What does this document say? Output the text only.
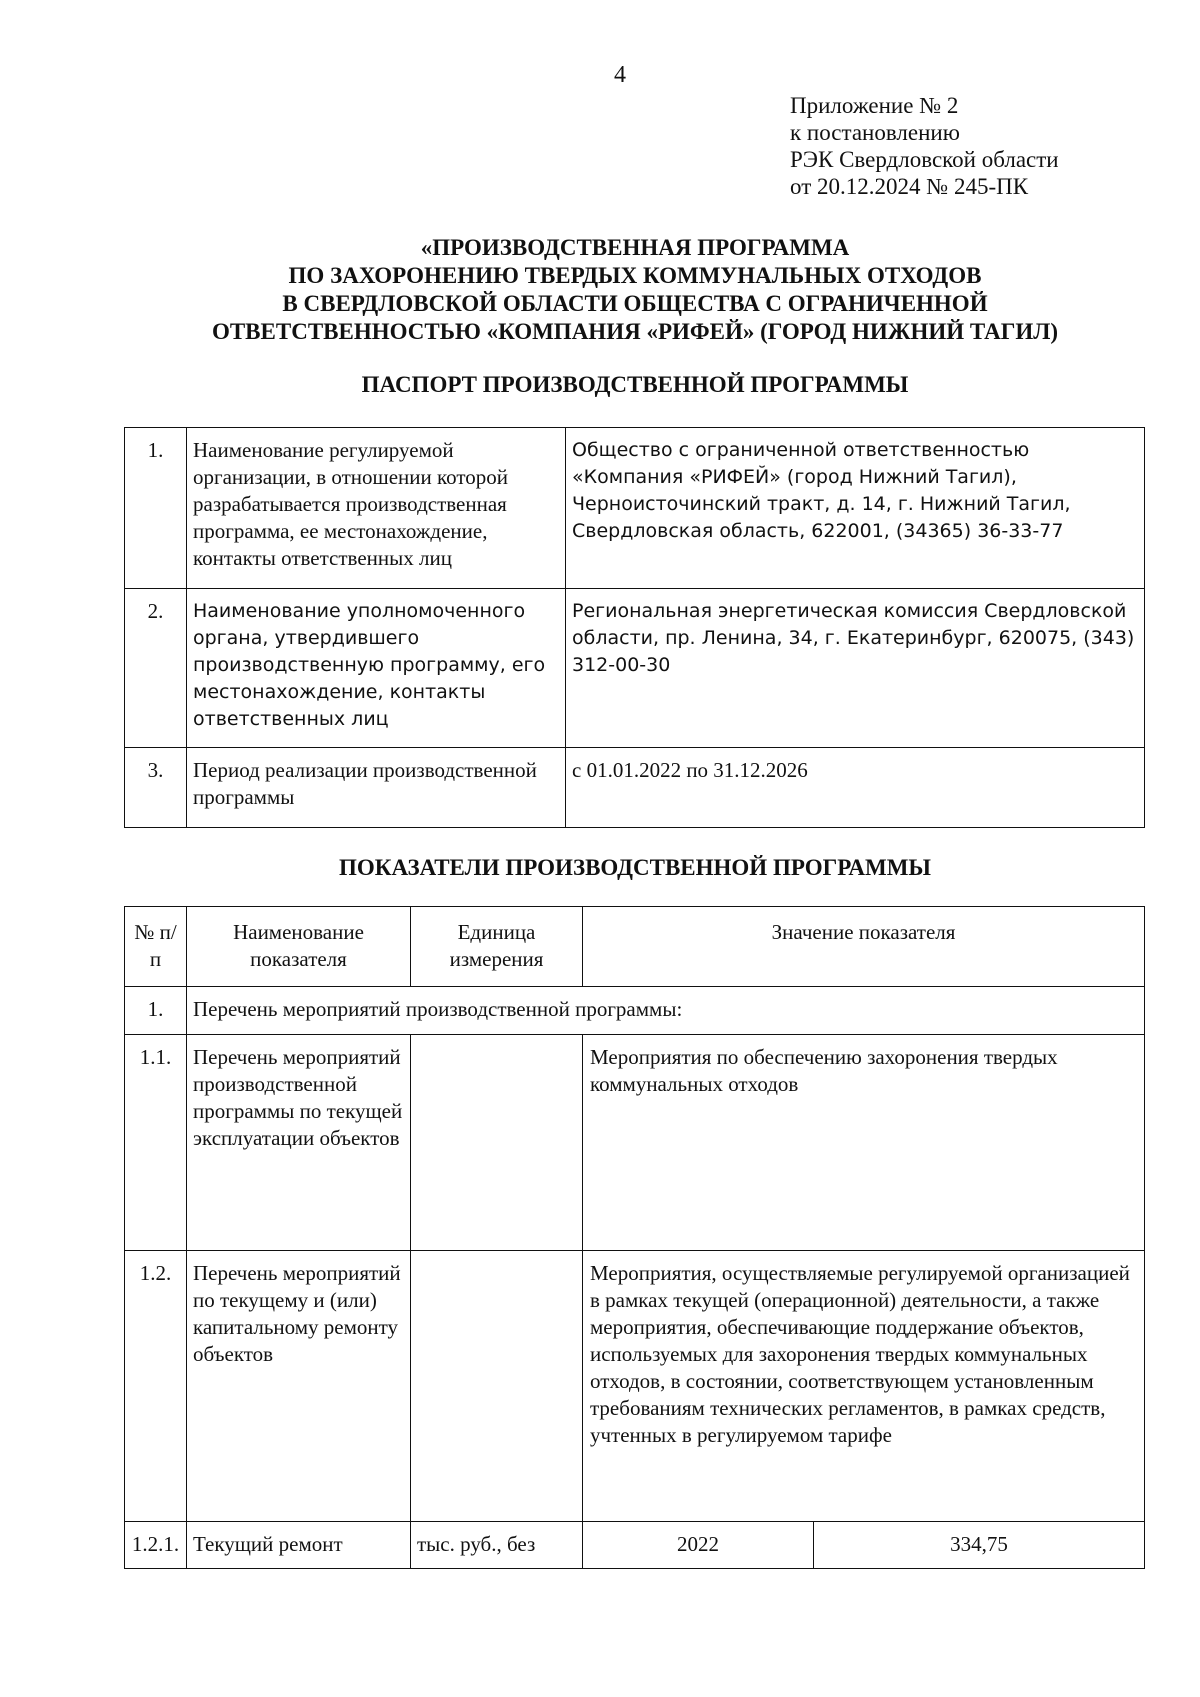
4
Приложение № 2
к постановлению
РЭК Свердловской области
от 20.12.2024 № 245-ПК
«ПРОИЗВОДСТВЕННАЯ ПРОГРАММА
ПО ЗАХОРОНЕНИЮ ТВЕРДЫХ КОММУНАЛЬНЫХ ОТХОДОВ
В СВЕРДЛОВСКОЙ ОБЛАСТИ ОБЩЕСТВА С ОГРАНИЧЕННОЙ
ОТВЕТСТВЕННОСТЬЮ «КОМПАНИЯ «РИФЕЙ» (ГОРОД НИЖНИЙ ТАГИЛ)
ПАСПОРТ ПРОИЗВОДСТВЕННОЙ ПРОГРАММЫ
1.	Наименование регулируемой организации, в отношении которой разрабатывается производственная программа, ее местонахождение, контакты ответственных лиц	Общество с ограниченной ответственностью «Компания «РИФЕЙ» (город Нижний Тагил), Черноисточинский тракт, д. 14, г. Нижний Тагил, Свердловская область, 622001, (34365) 36-33-77
2.	Наименование уполномоченного органа, утвердившего производственную программу, его местонахождение, контакты ответственных лиц	Региональная энергетическая комиссия Свердловской области, пр. Ленина, 34, г. Екатеринбург, 620075, (343) 312-00-30
3.	Период реализации производственной программы	с 01.01.2022 по 31.12.2026
ПОКАЗАТЕЛИ ПРОИЗВОДСТВЕННОЙ ПРОГРАММЫ
№ п/п	Наименование показателя	Единица измерения	Значение показателя	
1.	Перечень мероприятий производственной программы:			
1.1.	Перечень мероприятий производственной программы по текущей эксплуатации объектов		Мероприятия по обеспечению захоронения твердых коммунальных отходов	
1.2.	Перечень мероприятий по текущему и (или) капитальному ремонту объектов		Мероприятия, осуществляемые регулируемой организацией в рамках текущей (операционной) деятельности, а также мероприятия, обеспечивающие поддержание объектов, используемых для захоронения твердых коммунальных отходов, в состоянии, соответствующем установленным требованиям технических регламентов, в рамках средств, учтенных в регулируемом тарифе	
1.2.1.	Текущий ремонт	тыс. руб., без	2022	334,75
